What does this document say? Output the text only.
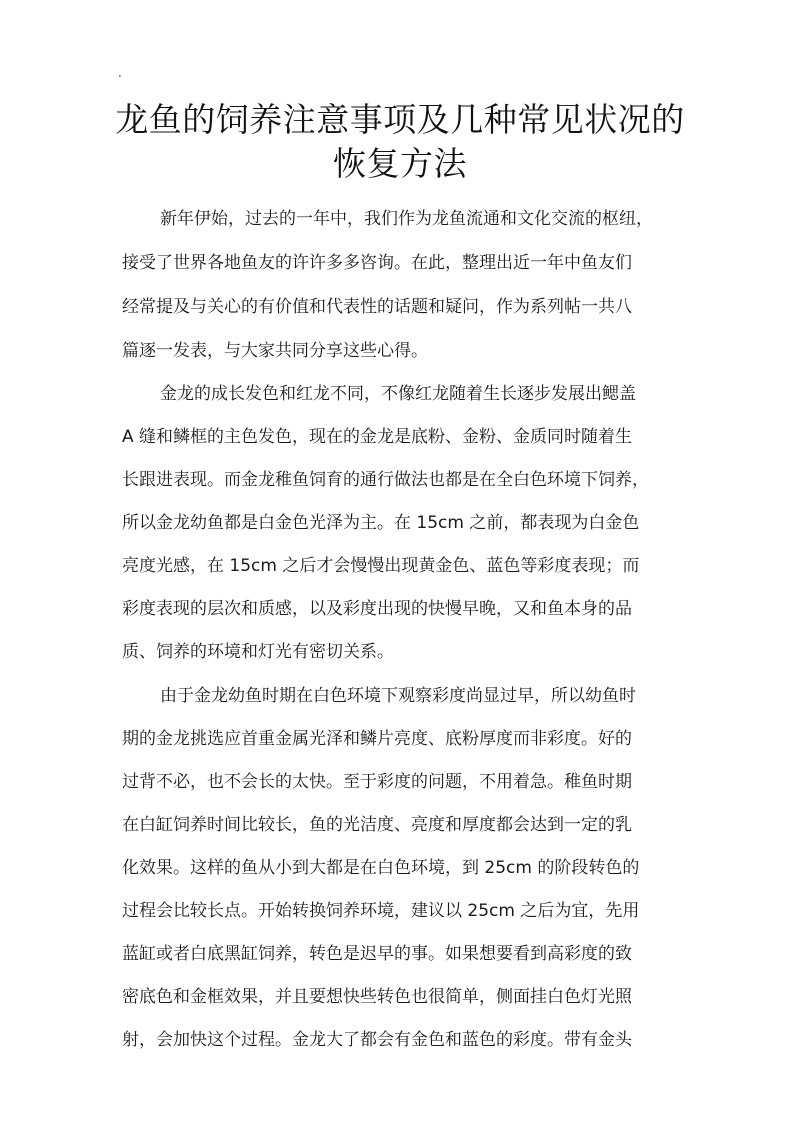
.
龙鱼的饲养注意事项及几种常见状况的
恢复方法
新年伊始，过去的一年中，我们作为龙鱼流通和文化交流的枢纽，
接受了世界各地鱼友的许许多多咨询。在此，整理出近一年中鱼友们
经常提及与关心的有价值和代表性的话题和疑问，作为系列帖一共八
篇逐一发表，与大家共同分享这些心得。
金龙的成长发色和红龙不同，不像红龙随着生长逐步发展出鳃盖
A 缝和鳞框的主色发色，现在的金龙是底粉、金粉、金质同时随着生
长跟进表现。而金龙稚鱼饲育的通行做法也都是在全白色环境下饲养，
所以金龙幼鱼都是白金色光泽为主。在 15cm 之前，都表现为白金色
亮度光感，在 15cm 之后才会慢慢出现黄金色、蓝色等彩度表现；而
彩度表现的层次和质感，以及彩度出现的快慢早晚，又和鱼本身的品
质、饲养的环境和灯光有密切关系。
由于金龙幼鱼时期在白色环境下观察彩度尚显过早，所以幼鱼时
期的金龙挑选应首重金属光泽和鳞片亮度、底粉厚度而非彩度。好的
过背不必，也不会长的太快。至于彩度的问题，不用着急。稚鱼时期
在白缸饲养时间比较长，鱼的光洁度、亮度和厚度都会达到一定的乳
化效果。这样的鱼从小到大都是在白色环境，到 25cm 的阶段转色的
过程会比较长点。开始转换饲养环境，建议以 25cm 之后为宜，先用
蓝缸或者白底黑缸饲养，转色是迟早的事。如果想要看到高彩度的致
密底色和金框效果，并且要想快些转色也很简单，侧面挂白色灯光照
射，会加快这个过程。金龙大了都会有金色和蓝色的彩度。带有金头
